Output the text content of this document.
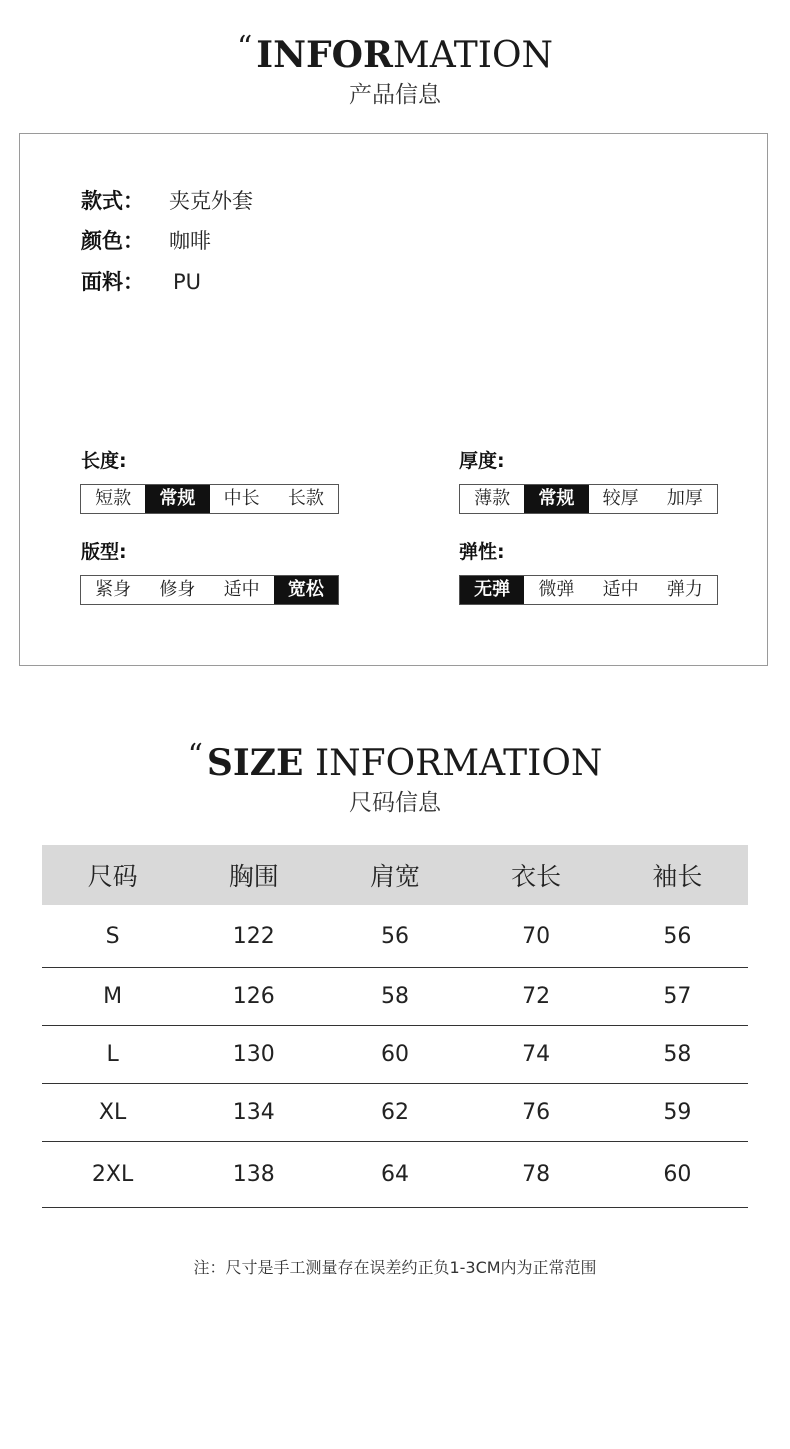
“ INFORMATION
产品信息
款式： 夹克外套
颜色： 咖啡
面料： PU
长度:
短款	常规	中长	长款
厚度:
薄款	常规	较厚	加厚
版型:
紧身	修身	适中	宽松
弹性:
无弹	微弹	适中	弹力
“ SIZE INFORMATION
尺码信息
尺码	胸围	肩宽	衣长	袖长
S	122	56	70	56
M	126	58	72	57
L	130	60	74	58
XL	134	62	76	59
2XL	138	64	78	60
注：尺寸是手工测量存在误差约正负1-3CM内为正常范围
